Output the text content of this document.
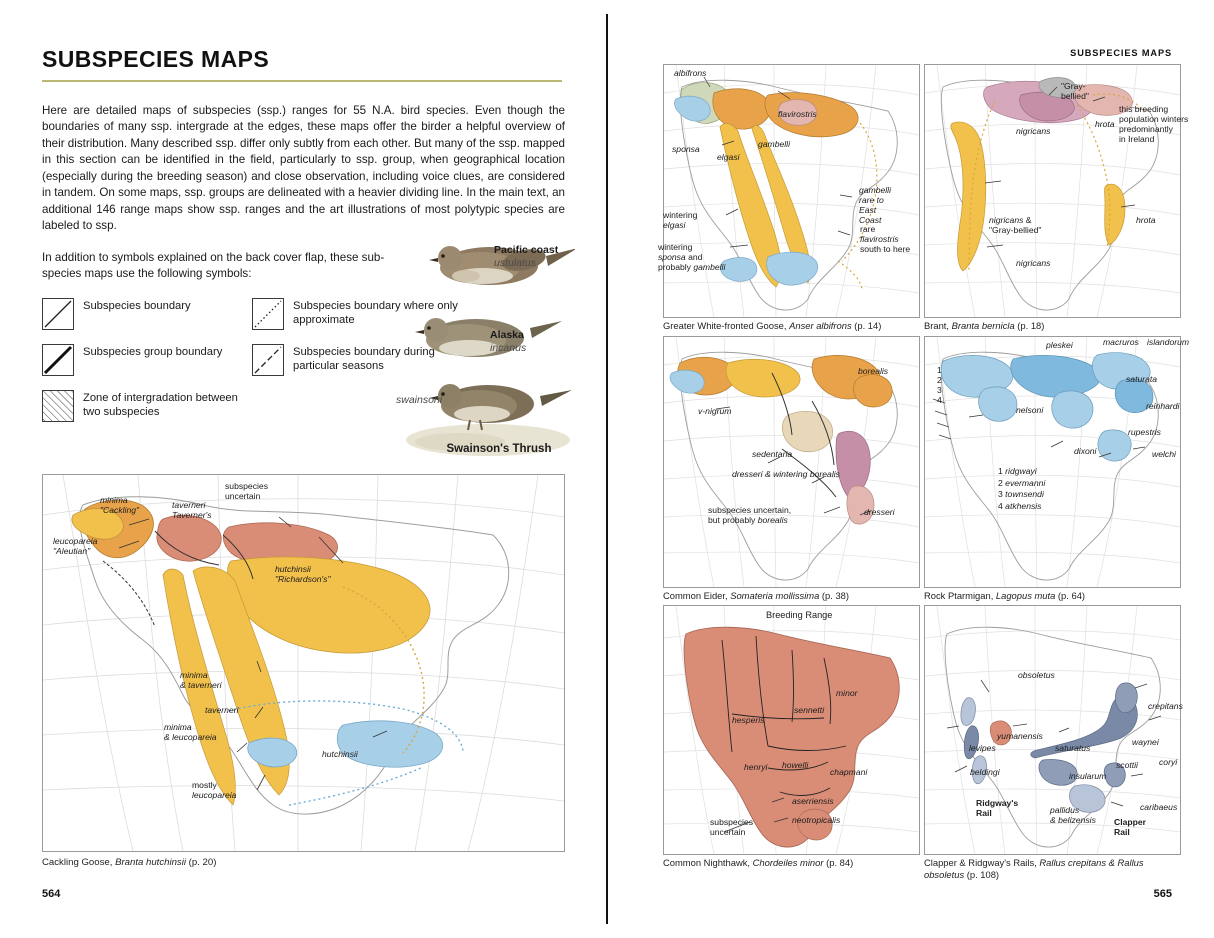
SUBSPECIES MAPS
Here are detailed maps of subspecies (ssp.) ranges for 55 N.A. bird species. Even though the boundaries of many ssp. intergrade at the edges, these maps offer the birder a helpful overview of their distribution. Many described ssp. differ only subtly from each other. But many of the ssp. mapped in this section can be identified in the field, particularly to ssp. group, when geographical location (especially during the breeding season) and close observation, including voice clues, are considered in tandem. On some maps, ssp. groups are delineated with a heavier dividing line. In the main text, an additional 146 range maps show ssp. ranges and the art illustrations of most polytypic species are labeled to ssp.
In addition to symbols explained on the back cover flap, these sub-species maps use the following symbols:
Subspecies boundary	Subspecies boundary where only approximate
Subspecies group boundary	Subspecies boundary during particular seasons
Zone of intergradation between two subspecies
Pacific coast
ustulatus
Alaska
incanus
swainsoni
Swainson's Thrush
minima
"Cackling"	taverneri
Taverner's
subspecies
uncertain
leucopareia
"Aleutian"
hutchinsii
"Richardson's"
minima
& taverneri
taverneri
minima
& leucopareia
hutchinsii
mostly
leucopareia
Cackling Goose, Branta hutchinsii (p. 20)
564
SUBSPECIES MAPS
albifrons
flavirostris
sponsa
elgasi
gambelli
gambelli
rare to
East
Coast
wintering
elgasi
wintering
sponsa and
probably gambelli
rare
flavirostris
south to here
Greater White-fronted Goose, Anser albifrons (p. 14)
"Gray-
bellied"
this breeding
population winters
predominantly
in Ireland
nigricans
hrota
hrota
nigricans &
"Gray-bellied"
nigricans
Brant, Branta bernicla (p. 18)
borealis
v-nigrum
sedentaria
dresseri & wintering borealis
subspecies uncertain,
but probably borealis
dresseri
Common Eider, Somateria mollissima (p. 38)
pleskei	macruros islandorum
saturata
reinhardi
nelsoni
rupestris
dixoni	welchi
1
2
3
4
1 ridgwayi
2 evermanni
3 townsendi
4 atkhensis
Rock Ptarmigan, Lagopus muta (p. 64)
Breeding Range
minor
sennetti
hesperis
henryi howelli
chapmani
aserriensis
neotropicalis
subspecies
uncertain
Common Nighthawk, Chordeiles minor (p. 84)
obsoletus
crepitans
yumanensis
saturatus
waynei
levipes
coryi
scottii
beldingi	insularum
Ridgway's
Rail	pallidus
& belizensis
caribaeus
Clapper
Rail
Clapper & Ridgway's Rails, Rallus crepitans & Rallus obsoletus (p. 108)
565
